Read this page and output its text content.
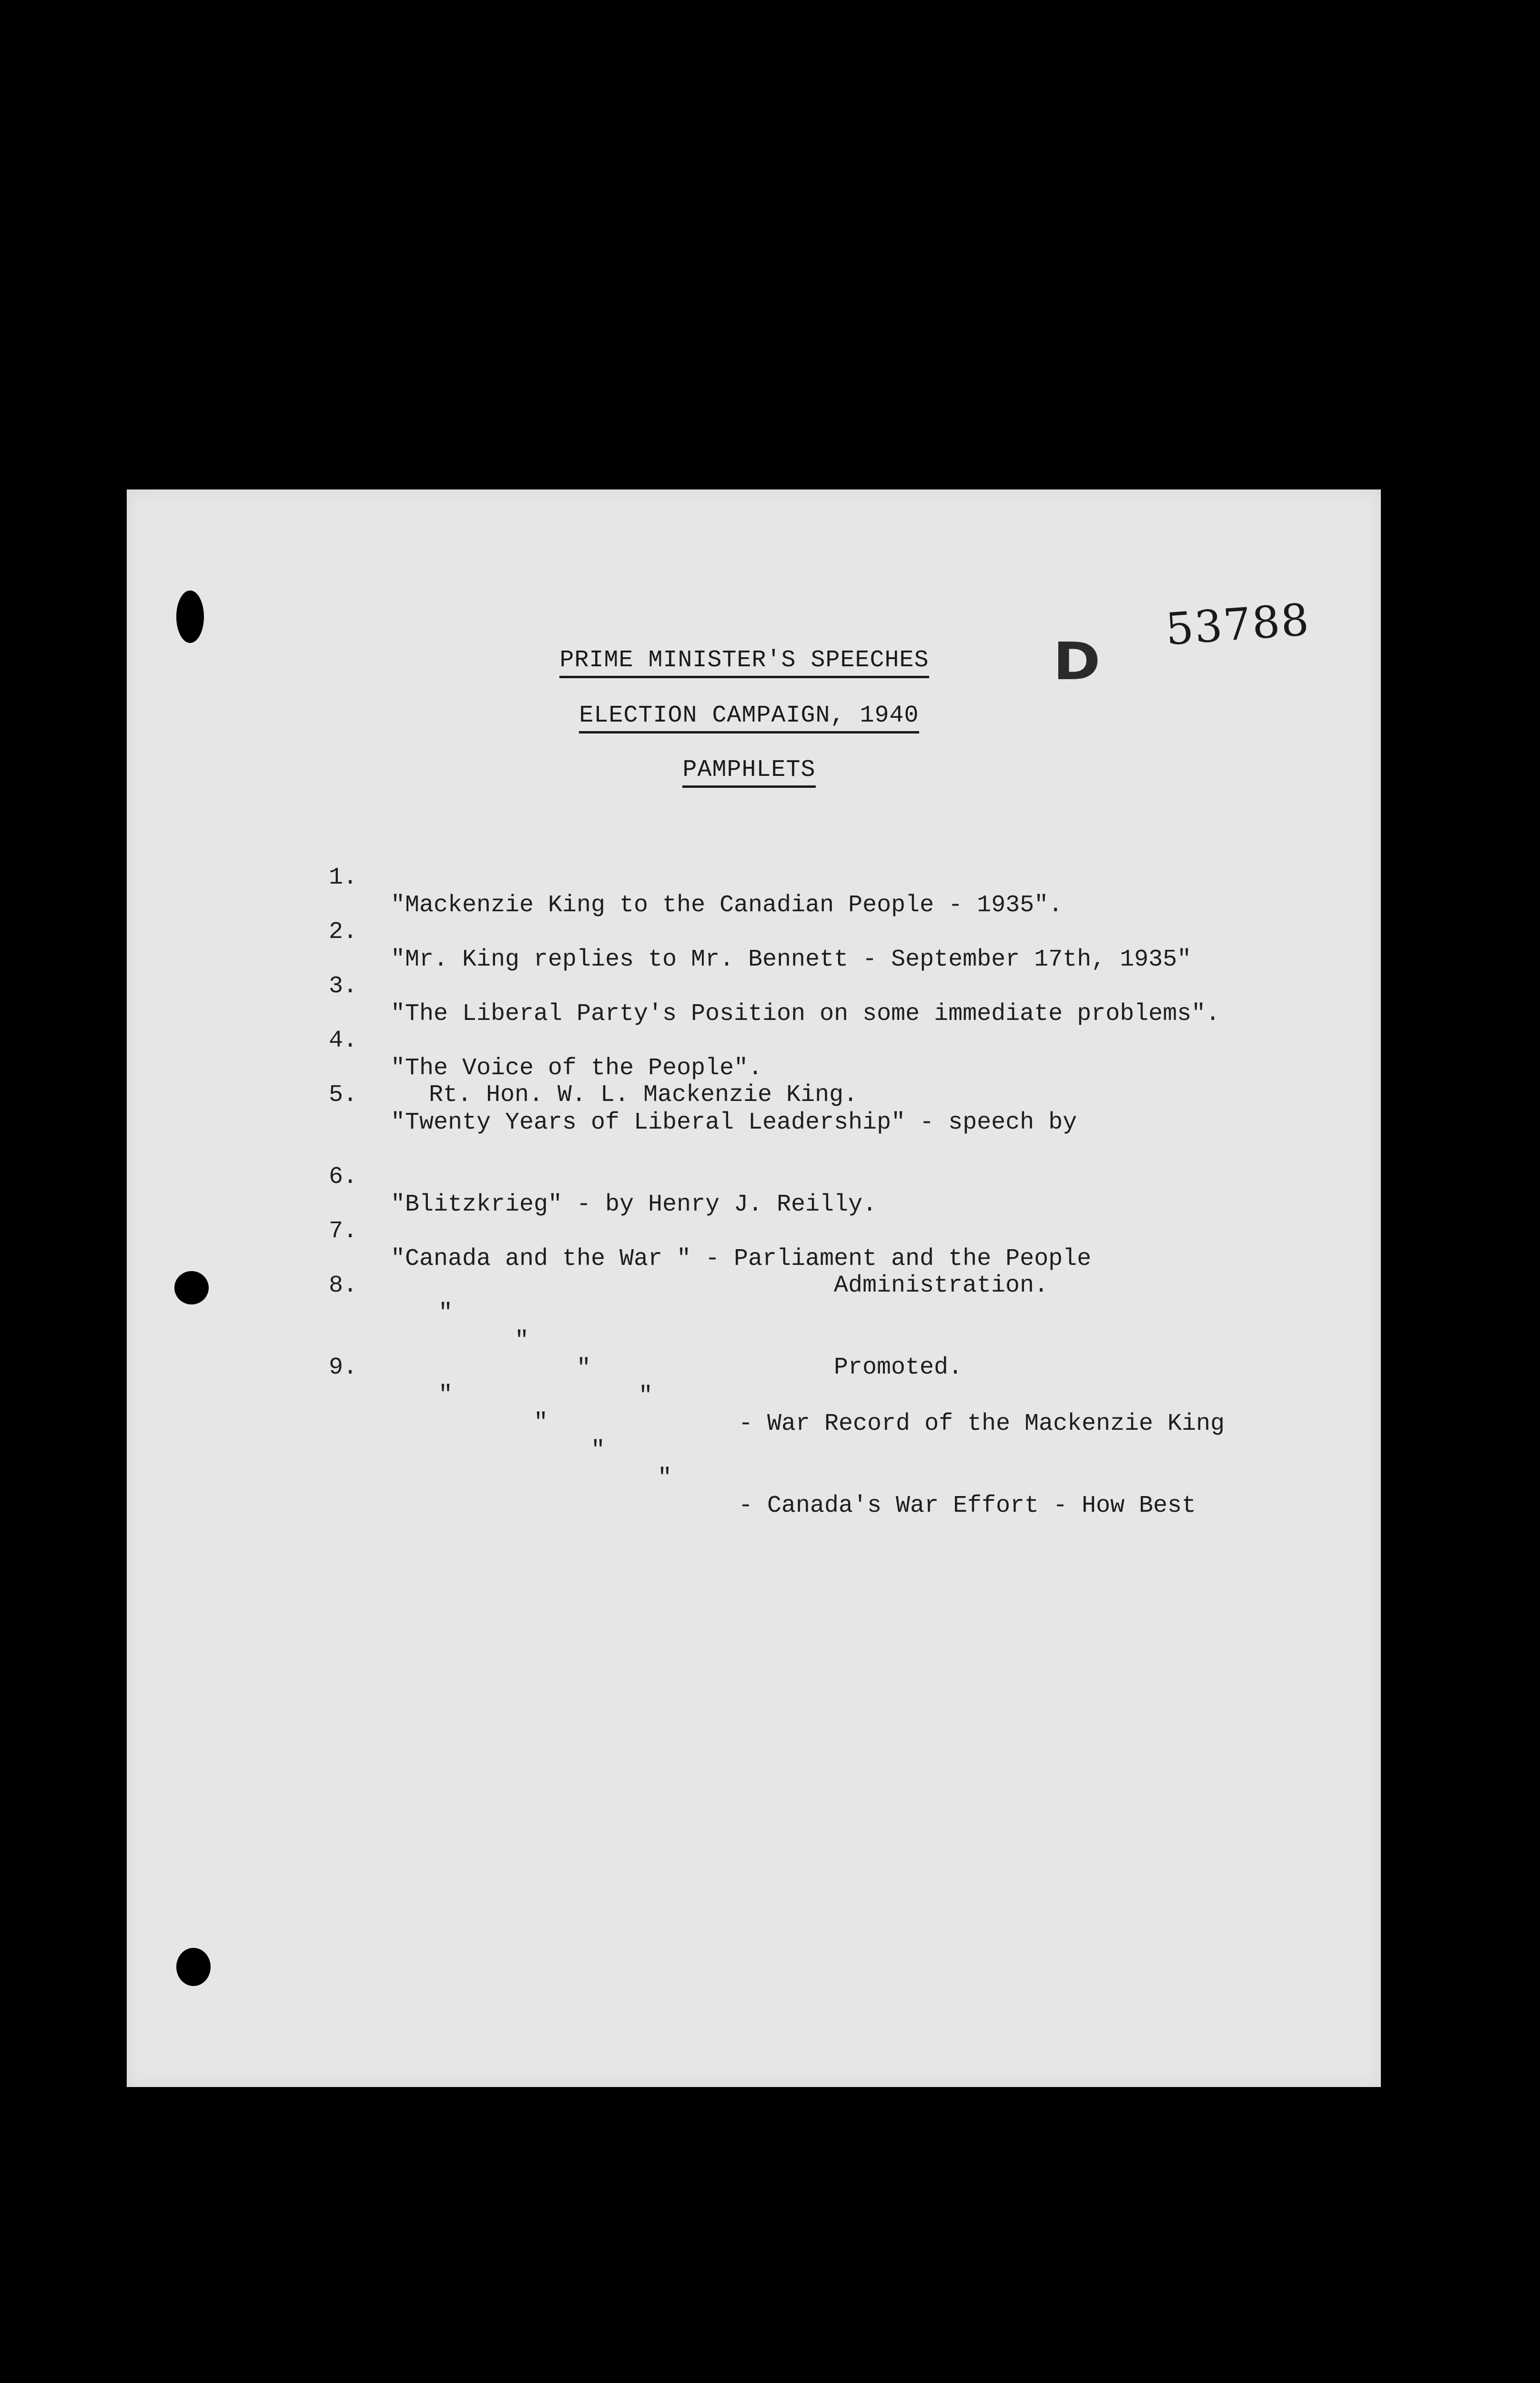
53788
D
PRIME MINISTER'S SPEECHES
ELECTION CAMPAIGN, 1940
PAMPHLETS

1.

"Mackenzie King to the Canadian People - 1935".

2.

"Mr. King replies to Mr. Bennett - September 17th, 1935"

3.

"The Liberal Party's Position on some immediate problems".

4.

"The Voice of the People".

5.

"Twenty Years of Liberal Leadership" - speech by

Rt. Hon. W. L. Mackenzie King.

6.

"Blitzkrieg" - by Henry J. Reilly.

7.

"Canada and the War " - Parliament and the People

8.

"

"

"

"

- War Record of the Mackenzie King

Administration.

9.

"

"

"

"

- Canada's War Effort - How Best

Promoted.
